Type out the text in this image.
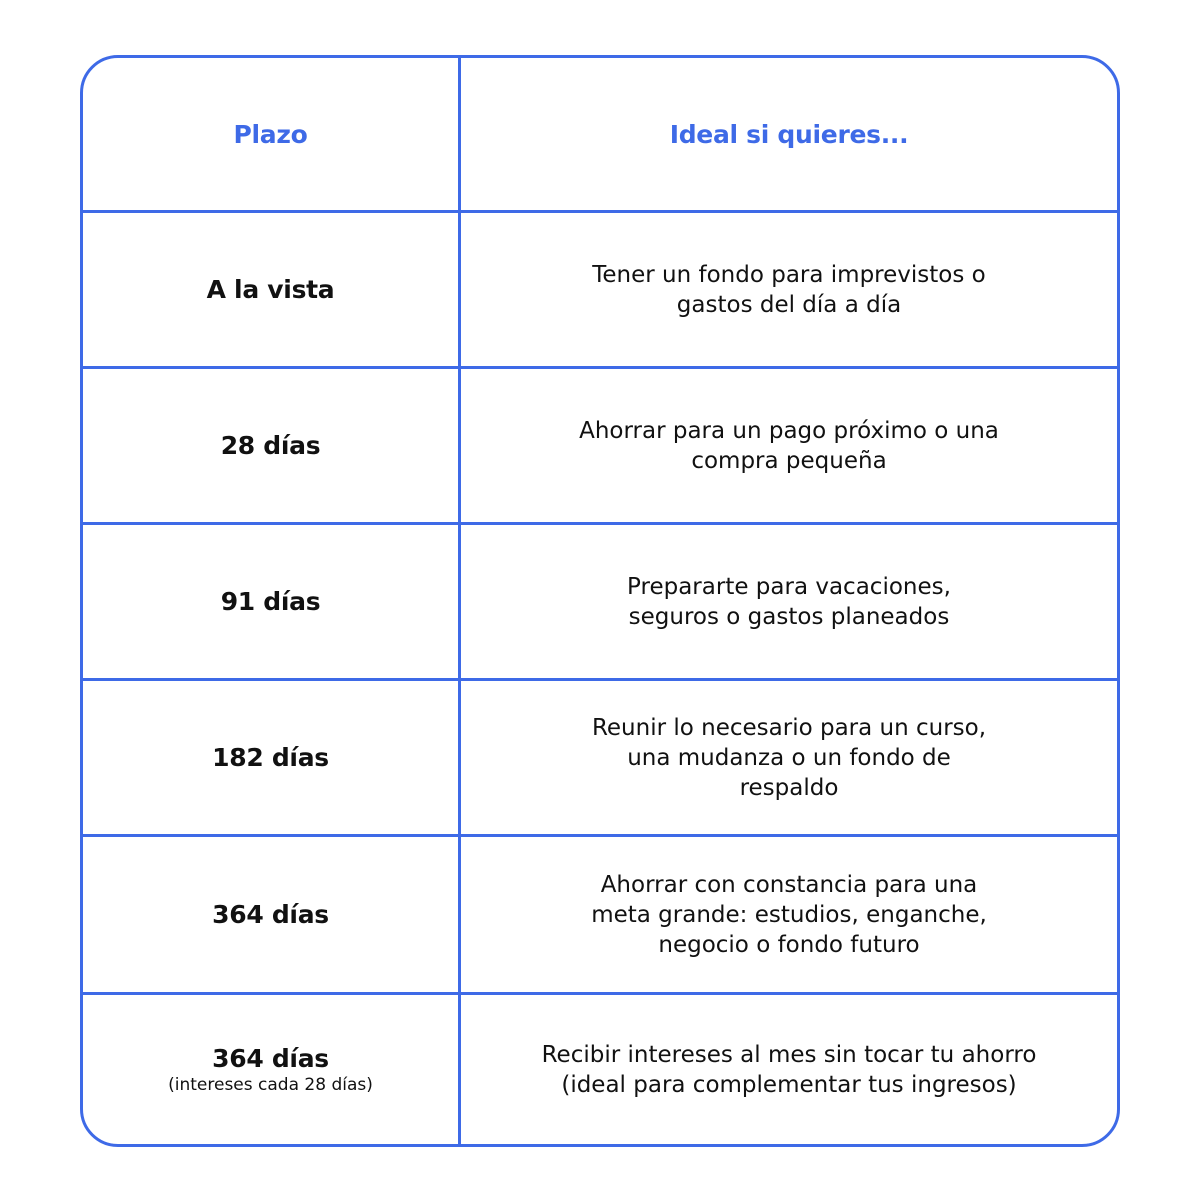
Plazo	Ideal si quieres...
A la vista
Tener un fondo para imprevistos o
gastos del día a día
28 días
Ahorrar para un pago próximo o una
compra pequeña
91 días
Prepararte para vacaciones,
seguros o gastos planeados
182 días
Reunir lo necesario para un curso,
una mudanza o un fondo de
respaldo
364 días
Ahorrar con constancia para una
meta grande: estudios, enganche,
negocio o fondo futuro
364 días
(intereses cada 28 días)
Recibir intereses al mes sin tocar tu ahorro
(ideal para complementar tus ingresos)
